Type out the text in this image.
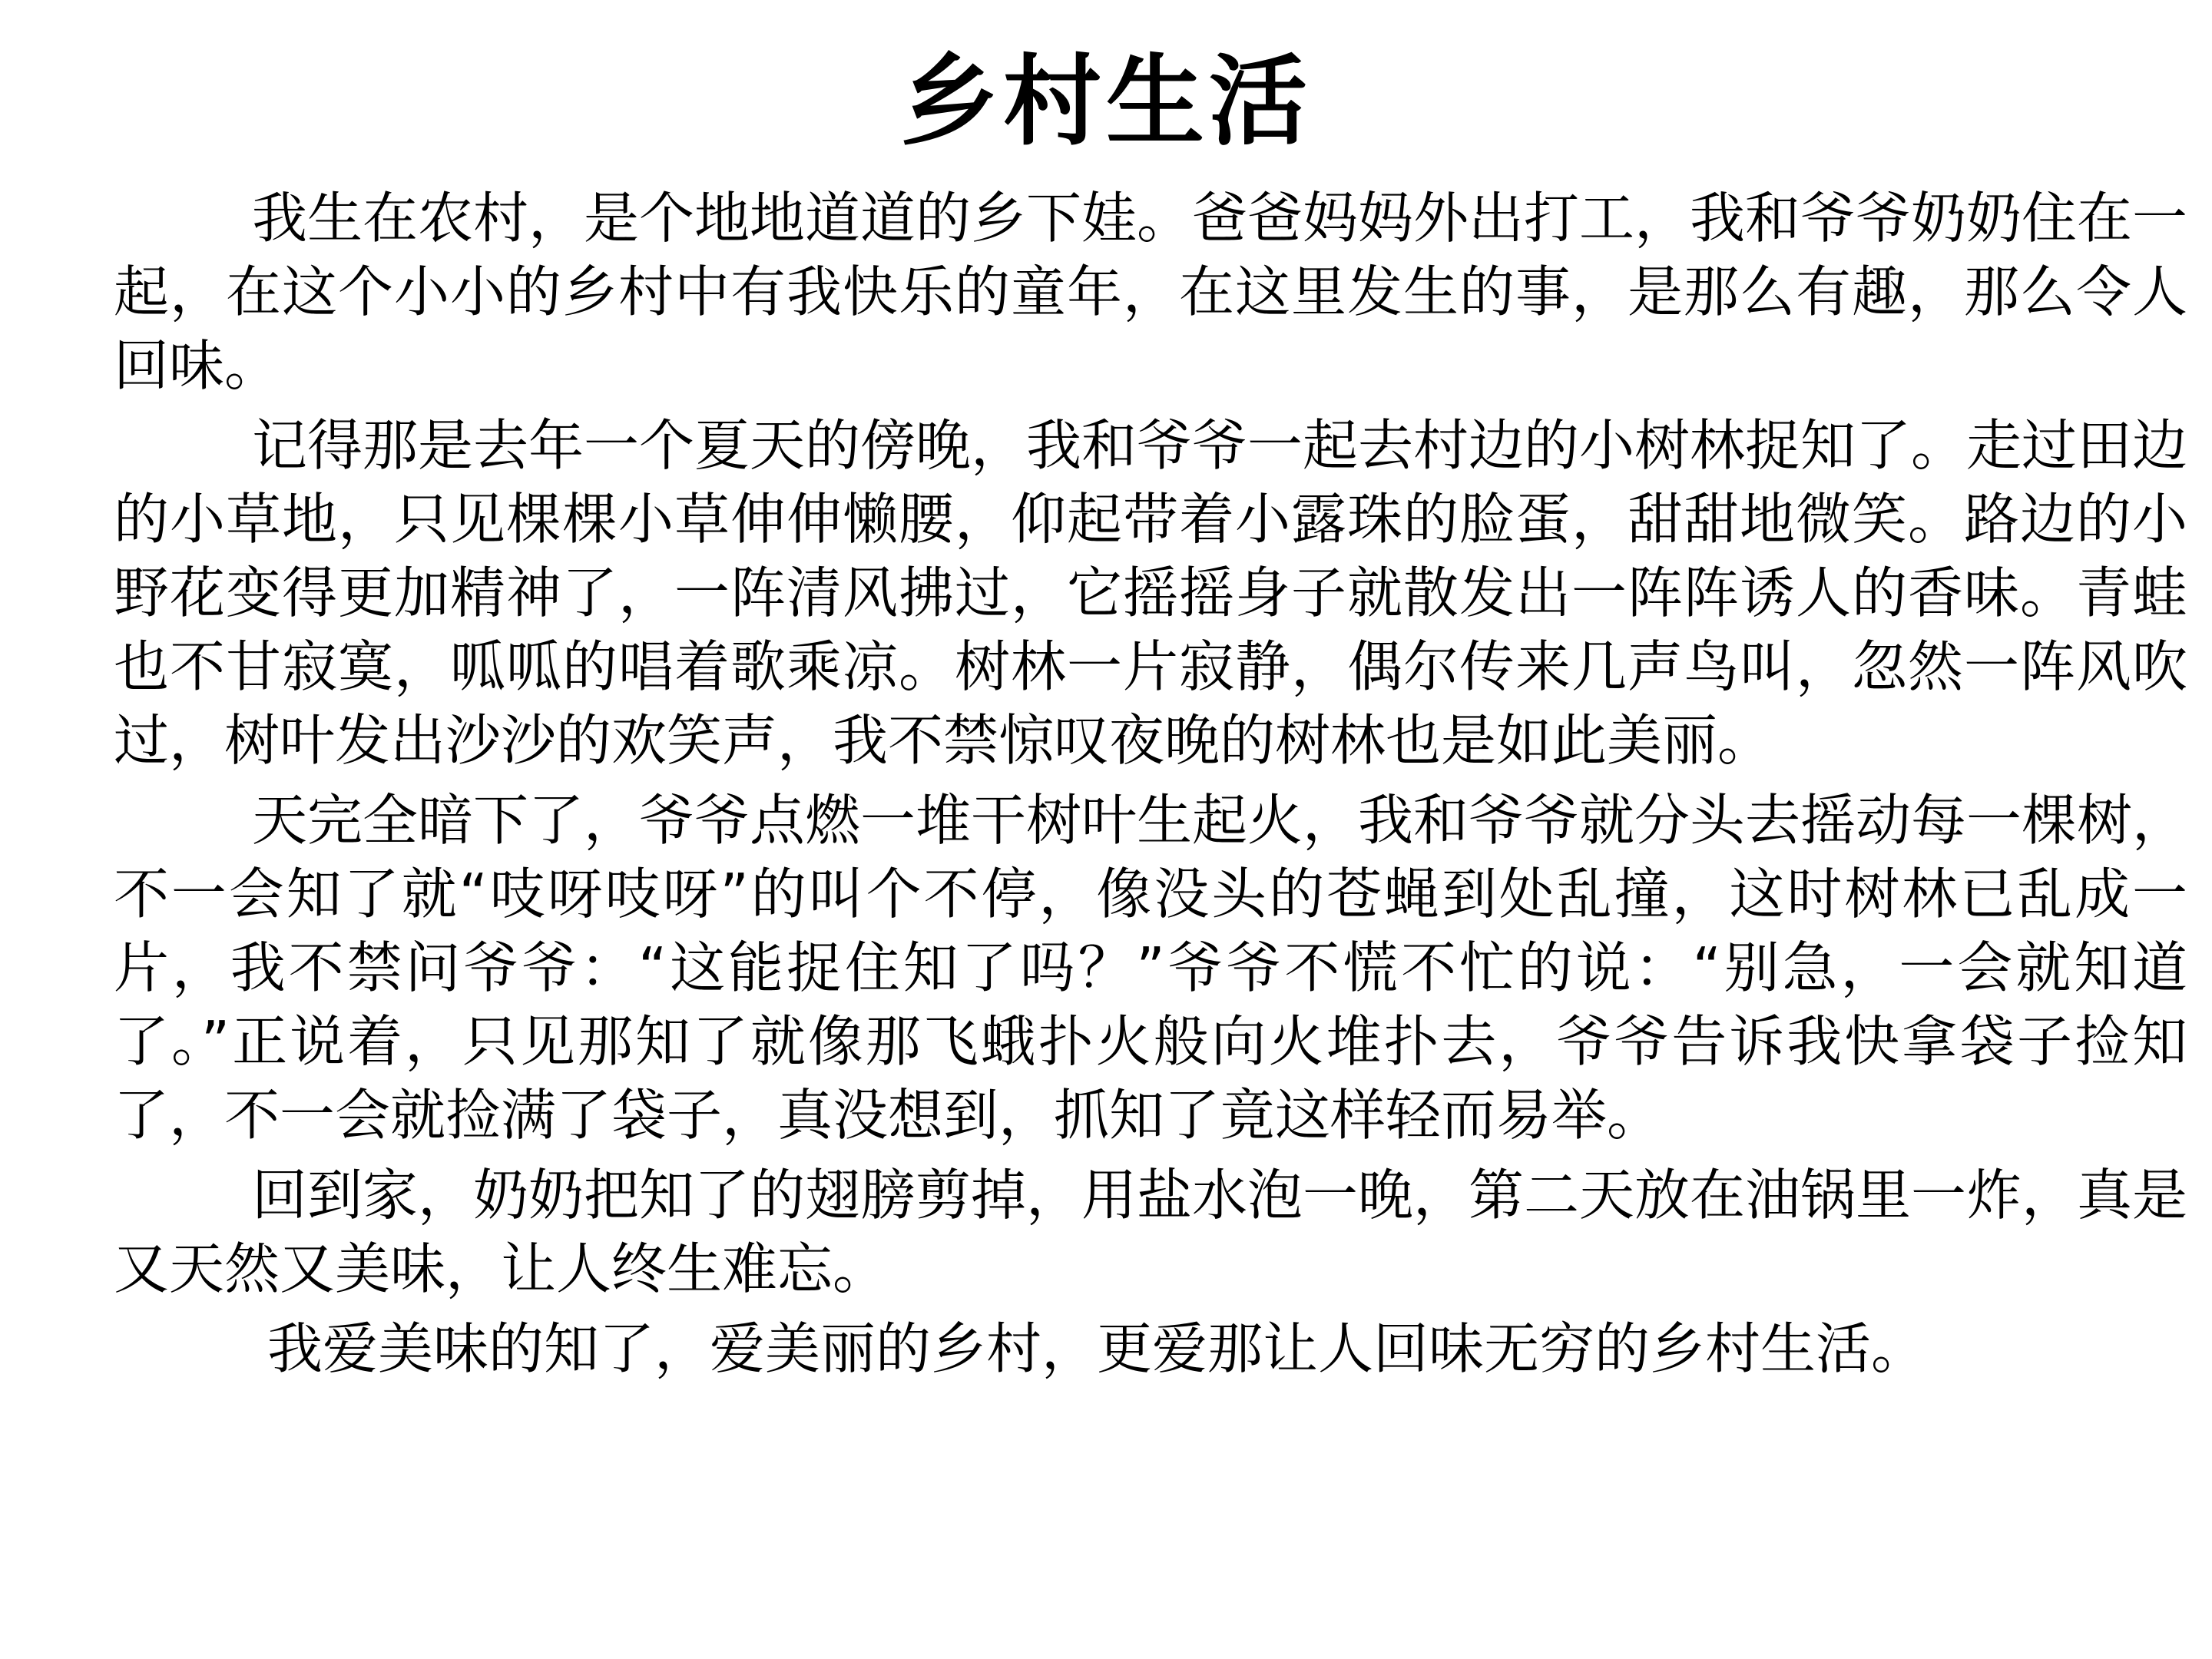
乡村生活

我生在农村，是个地地道道的乡下娃。爸爸妈妈外出打工，我和爷爷奶奶住在一起，在这个小小的乡村中有我快乐的童年，在这里发生的事，是那么有趣，那么令人回味。

记得那是去年一个夏天的傍晚，我和爷爷一起去村边的小树林捉知了。走过田边的小草地，只见棵棵小草伸伸懒腰，仰起带着小露珠的脸蛋，甜甜地微笑。路边的小野花变得更加精神了，一阵清风拂过，它摇摇身子就散发出一阵阵诱人的香味。青蛙也不甘寂寞，呱呱的唱着歌乘凉。树林一片寂静，偶尔传来几声鸟叫，忽然一阵风吹过，树叶发出沙沙的欢笑声，我不禁惊叹夜晚的树林也是如此美丽。

天完全暗下了，爷爷点燃一堆干树叶生起火，我和爷爷就分头去摇动每一棵树，不一会知了就“吱呀吱呀”的叫个不停，像没头的苍蝇到处乱撞，这时树林已乱成一片，我不禁问爷爷：“这能捉住知了吗？”爷爷不慌不忙的说：“别急，一会就知道了。”正说着，只见那知了就像那飞蛾扑火般向火堆扑去，爷爷告诉我快拿袋子捡知了，不一会就捡满了袋子，真没想到，抓知了竟这样轻而易举。

回到家，奶奶把知了的翅膀剪掉，用盐水泡一晚，第二天放在油锅里一炸，真是又天然又美味，让人终生难忘。

我爱美味的知了，爱美丽的乡村，更爱那让人回味无穷的乡村生活。
